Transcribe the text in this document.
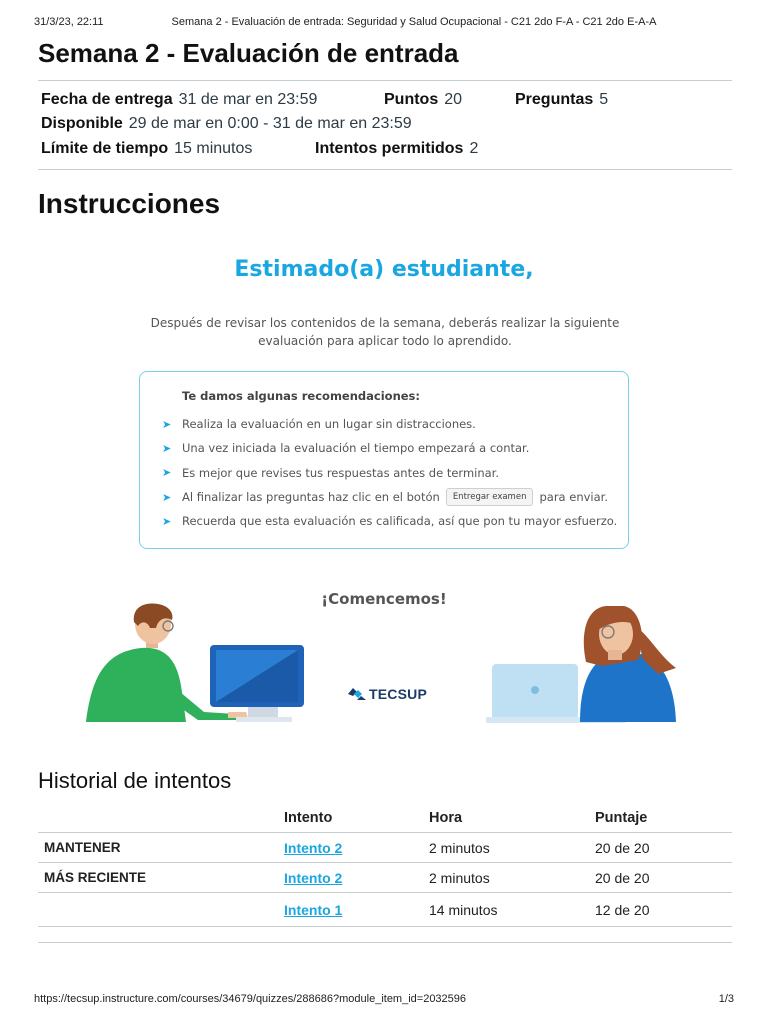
31/3/23, 22:11	Semana 2 - Evaluación de entrada: Seguridad y Salud Ocupacional - C21 2do F-A - C21 2do E-A-A
Semana 2 - Evaluación de entrada
Fecha de entrega 31 de mar en 23:59	Puntos 20	Preguntas 5
Disponible 29 de mar en 0:00 - 31 de mar en 23:59
Límite de tiempo 15 minutos	Intentos permitidos 2
Instrucciones
Estimado(a) estudiante,
Después de revisar los contenidos de la semana, deberás realizar la siguiente evaluación para aplicar todo lo aprendido.
Te damos algunas recomendaciones:
➤ Realiza la evaluación en un lugar sin distracciones.
➤ Una vez iniciada la evaluación el tiempo empezará a contar.
➤ Es mejor que revises tus respuestas antes de terminar.
➤ Al finalizar las preguntas haz clic en el botón	Entregar examen	para enviar.
➤ Recuerda que esta evaluación es calificada, así que pon tu mayor esfuerzo.
¡Comencemos!
TECSUP
Historial de intentos
	Intento	Hora	Puntaje
MANTENER	Intento 2	2 minutos	20 de 20
MÁS RECIENTE	Intento 2	2 minutos	20 de 20
	Intento 1	14 minutos	12 de 20
https://tecsup.instructure.com/courses/34679/quizzes/288686?module_item_id=2032596	1/3
